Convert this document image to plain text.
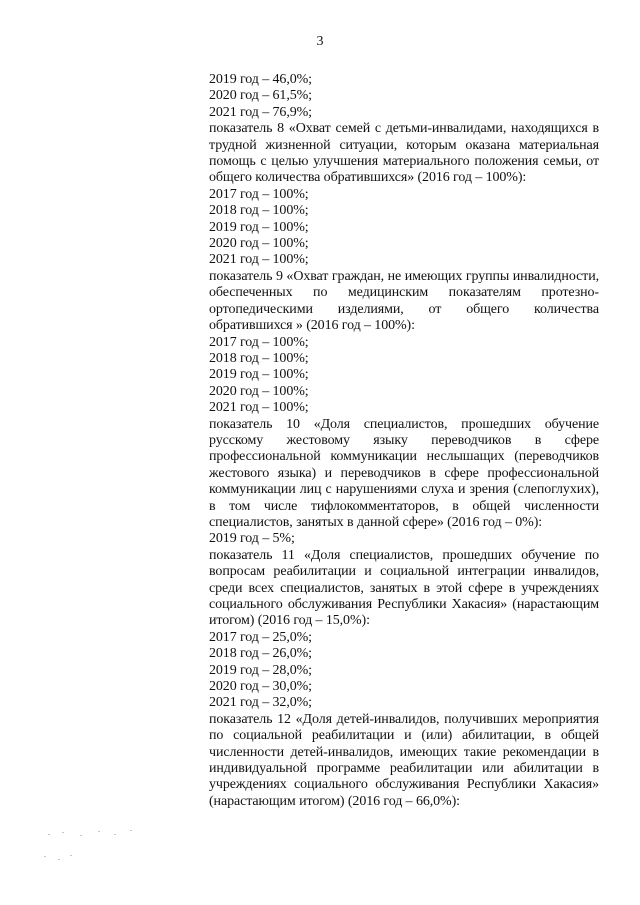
3
2019 год – 46,0%;
2020 год – 61,5%;
2021 год – 76,9%;
показатель 8 «Охват семей с детьми-инвалидами, находящихся в трудной жизненной ситуации, которым оказана материальная помощь с целью улучшения материального положения семьи, от общего количества обратившихся» (2016 год – 100%):
2017 год – 100%;
2018 год – 100%;
2019 год – 100%;
2020 год – 100%;
2021 год – 100%;
показатель 9 «Охват граждан, не имеющих группы инвалидности, обеспеченных по медицинским показателям протезно-ортопедическими изделиями, от общего количества обратившихся » (2016 год – 100%):
2017 год – 100%;
2018 год – 100%;
2019 год – 100%;
2020 год – 100%;
2021 год – 100%;
показатель 10 «Доля специалистов, прошедших обучение русскому жестовому языку переводчиков в сфере профессиональной коммуникации неслышащих (переводчиков жестового языка) и переводчиков в сфере профессиональной коммуникации лиц с нарушениями слуха и зрения (слепоглухих), в том числе тифлокомментаторов, в общей численности специалистов, занятых в данной сфере» (2016 год – 0%):
2019 год – 5%;
показатель 11 «Доля специалистов, прошедших обучение по вопросам реабилитации и социальной интеграции инвалидов, среди всех специалистов, занятых в этой сфере в учреждениях социального обслуживания Республики Хакасия» (нарастающим итогом) (2016 год – 15,0%):
2017 год – 25,0%;
2018 год – 26,0%;
2019 год – 28,0%;
2020 год – 30,0%;
2021 год – 32,0%;
показатель 12 «Доля детей-инвалидов, получивших мероприятия по социальной реабилитации и (или) абилитации, в общей численности детей-инвалидов, имеющих такие рекомендации в индивидуальной программе реабилитации или абилитации в учреждениях социального обслуживания Республики Хакасия» (нарастающим итогом) (2016 год – 66,0%):
